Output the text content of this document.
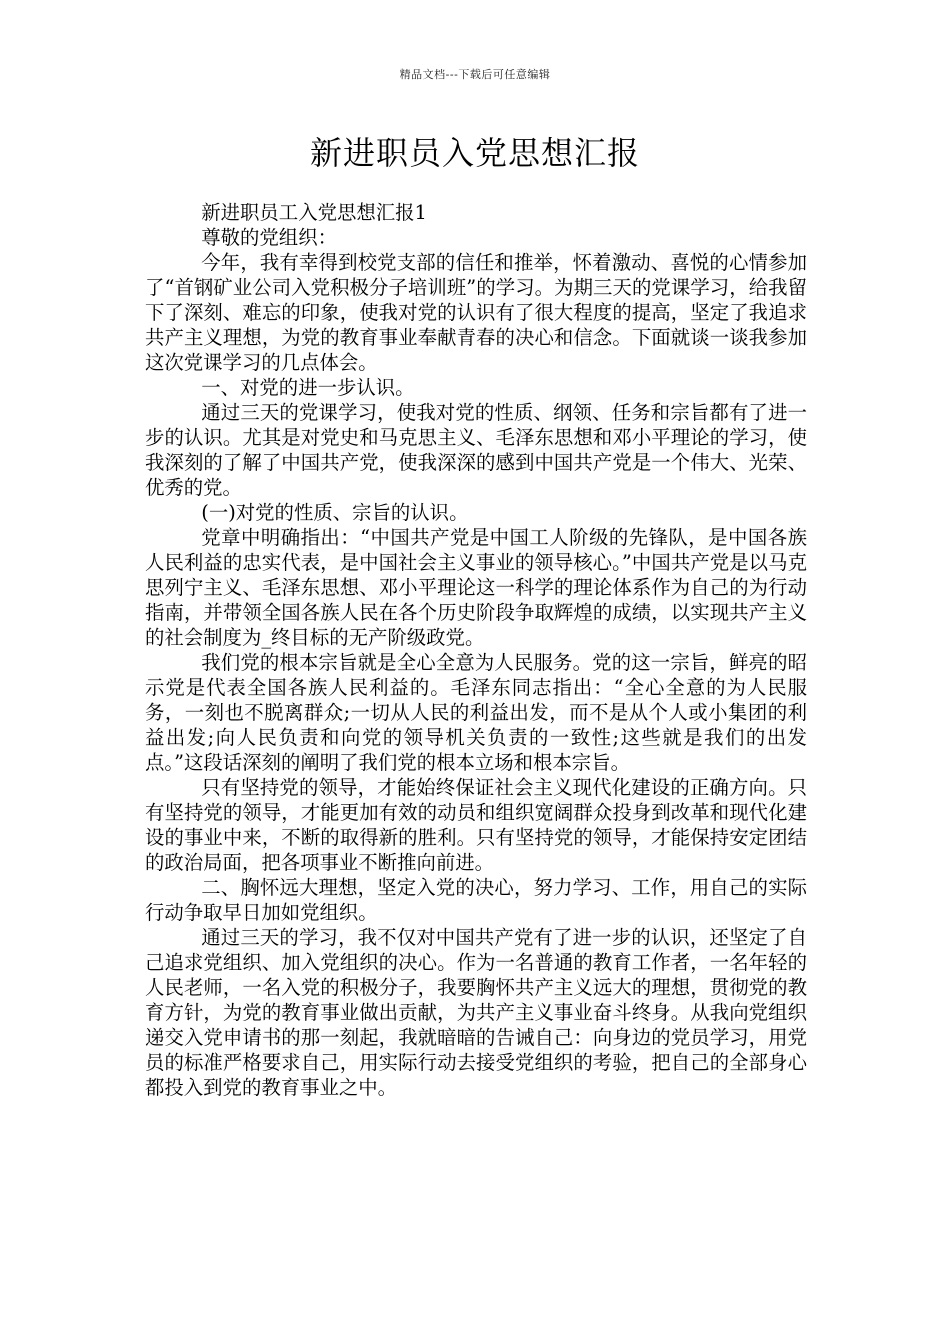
精品文档---下载后可任意编辑
新进职员入党思想汇报

新进职员工入党思想汇报1

尊敬的党组织：

今年，我有幸得到校党支部的信任和推举，怀着激动、喜悦的心情参加了“首钢矿业公司入党积极分子培训班”的学习。为期三天的党课学习，给我留下了深刻、难忘的印象，使我对党的认识有了很大程度的提高，坚定了我追求共产主义理想，为党的教育事业奉献青春的决心和信念。下面就谈一谈我参加这次党课学习的几点体会。

一、对党的进一步认识。

通过三天的党课学习，使我对党的性质、纲领、任务和宗旨都有了进一步的认识。尤其是对党史和马克思主义、毛泽东思想和邓小平理论的学习，使我深刻的了解了中国共产党，使我深深的感到中国共产党是一个伟大、光荣、优秀的党。

(一)对党的性质、宗旨的认识。

党章中明确指出：“中国共产党是中国工人阶级的先锋队，是中国各族人民利益的忠实代表，是中国社会主义事业的领导核心。”中国共产党是以马克思列宁主义、毛泽东思想、邓小平理论这一科学的理论体系作为自己的为行动指南，并带领全国各族人民在各个历史阶段争取辉煌的成绩，以实现共产主义的社会制度为_终目标的无产阶级政党。

我们党的根本宗旨就是全心全意为人民服务。党的这一宗旨，鲜亮的昭示党是代表全国各族人民利益的。毛泽东同志指出：“全心全意的为人民服务，一刻也不脱离群众;一切从人民的利益出发，而不是从个人或小集团的利益出发;向人民负责和向党的领导机关负责的一致性;这些就是我们的出发点。”这段话深刻的阐明了我们党的根本立场和根本宗旨。

只有坚持党的领导，才能始终保证社会主义现代化建设的正确方向。只有坚持党的领导，才能更加有效的动员和组织宽阔群众投身到改革和现代化建设的事业中来，不断的取得新的胜利。只有坚持党的领导，才能保持安定团结的政治局面，把各项事业不断推向前进。

二、胸怀远大理想，坚定入党的决心，努力学习、工作，用自己的实际行动争取早日加如党组织。

通过三天的学习，我不仅对中国共产党有了进一步的认识，还坚定了自己追求党组织、加入党组织的决心。作为一名普通的教育工作者，一名年轻的人民老师，一名入党的积极分子，我要胸怀共产主义远大的理想，贯彻党的教育方针，为党的教育事业做出贡献，为共产主义事业奋斗终身。从我向党组织递交入党申请书的那一刻起，我就暗暗的告诫自己：向身边的党员学习，用党员的标准严格要求自己，用实际行动去接受党组织的考验，把自己的全部身心都投入到党的教育事业之中。
